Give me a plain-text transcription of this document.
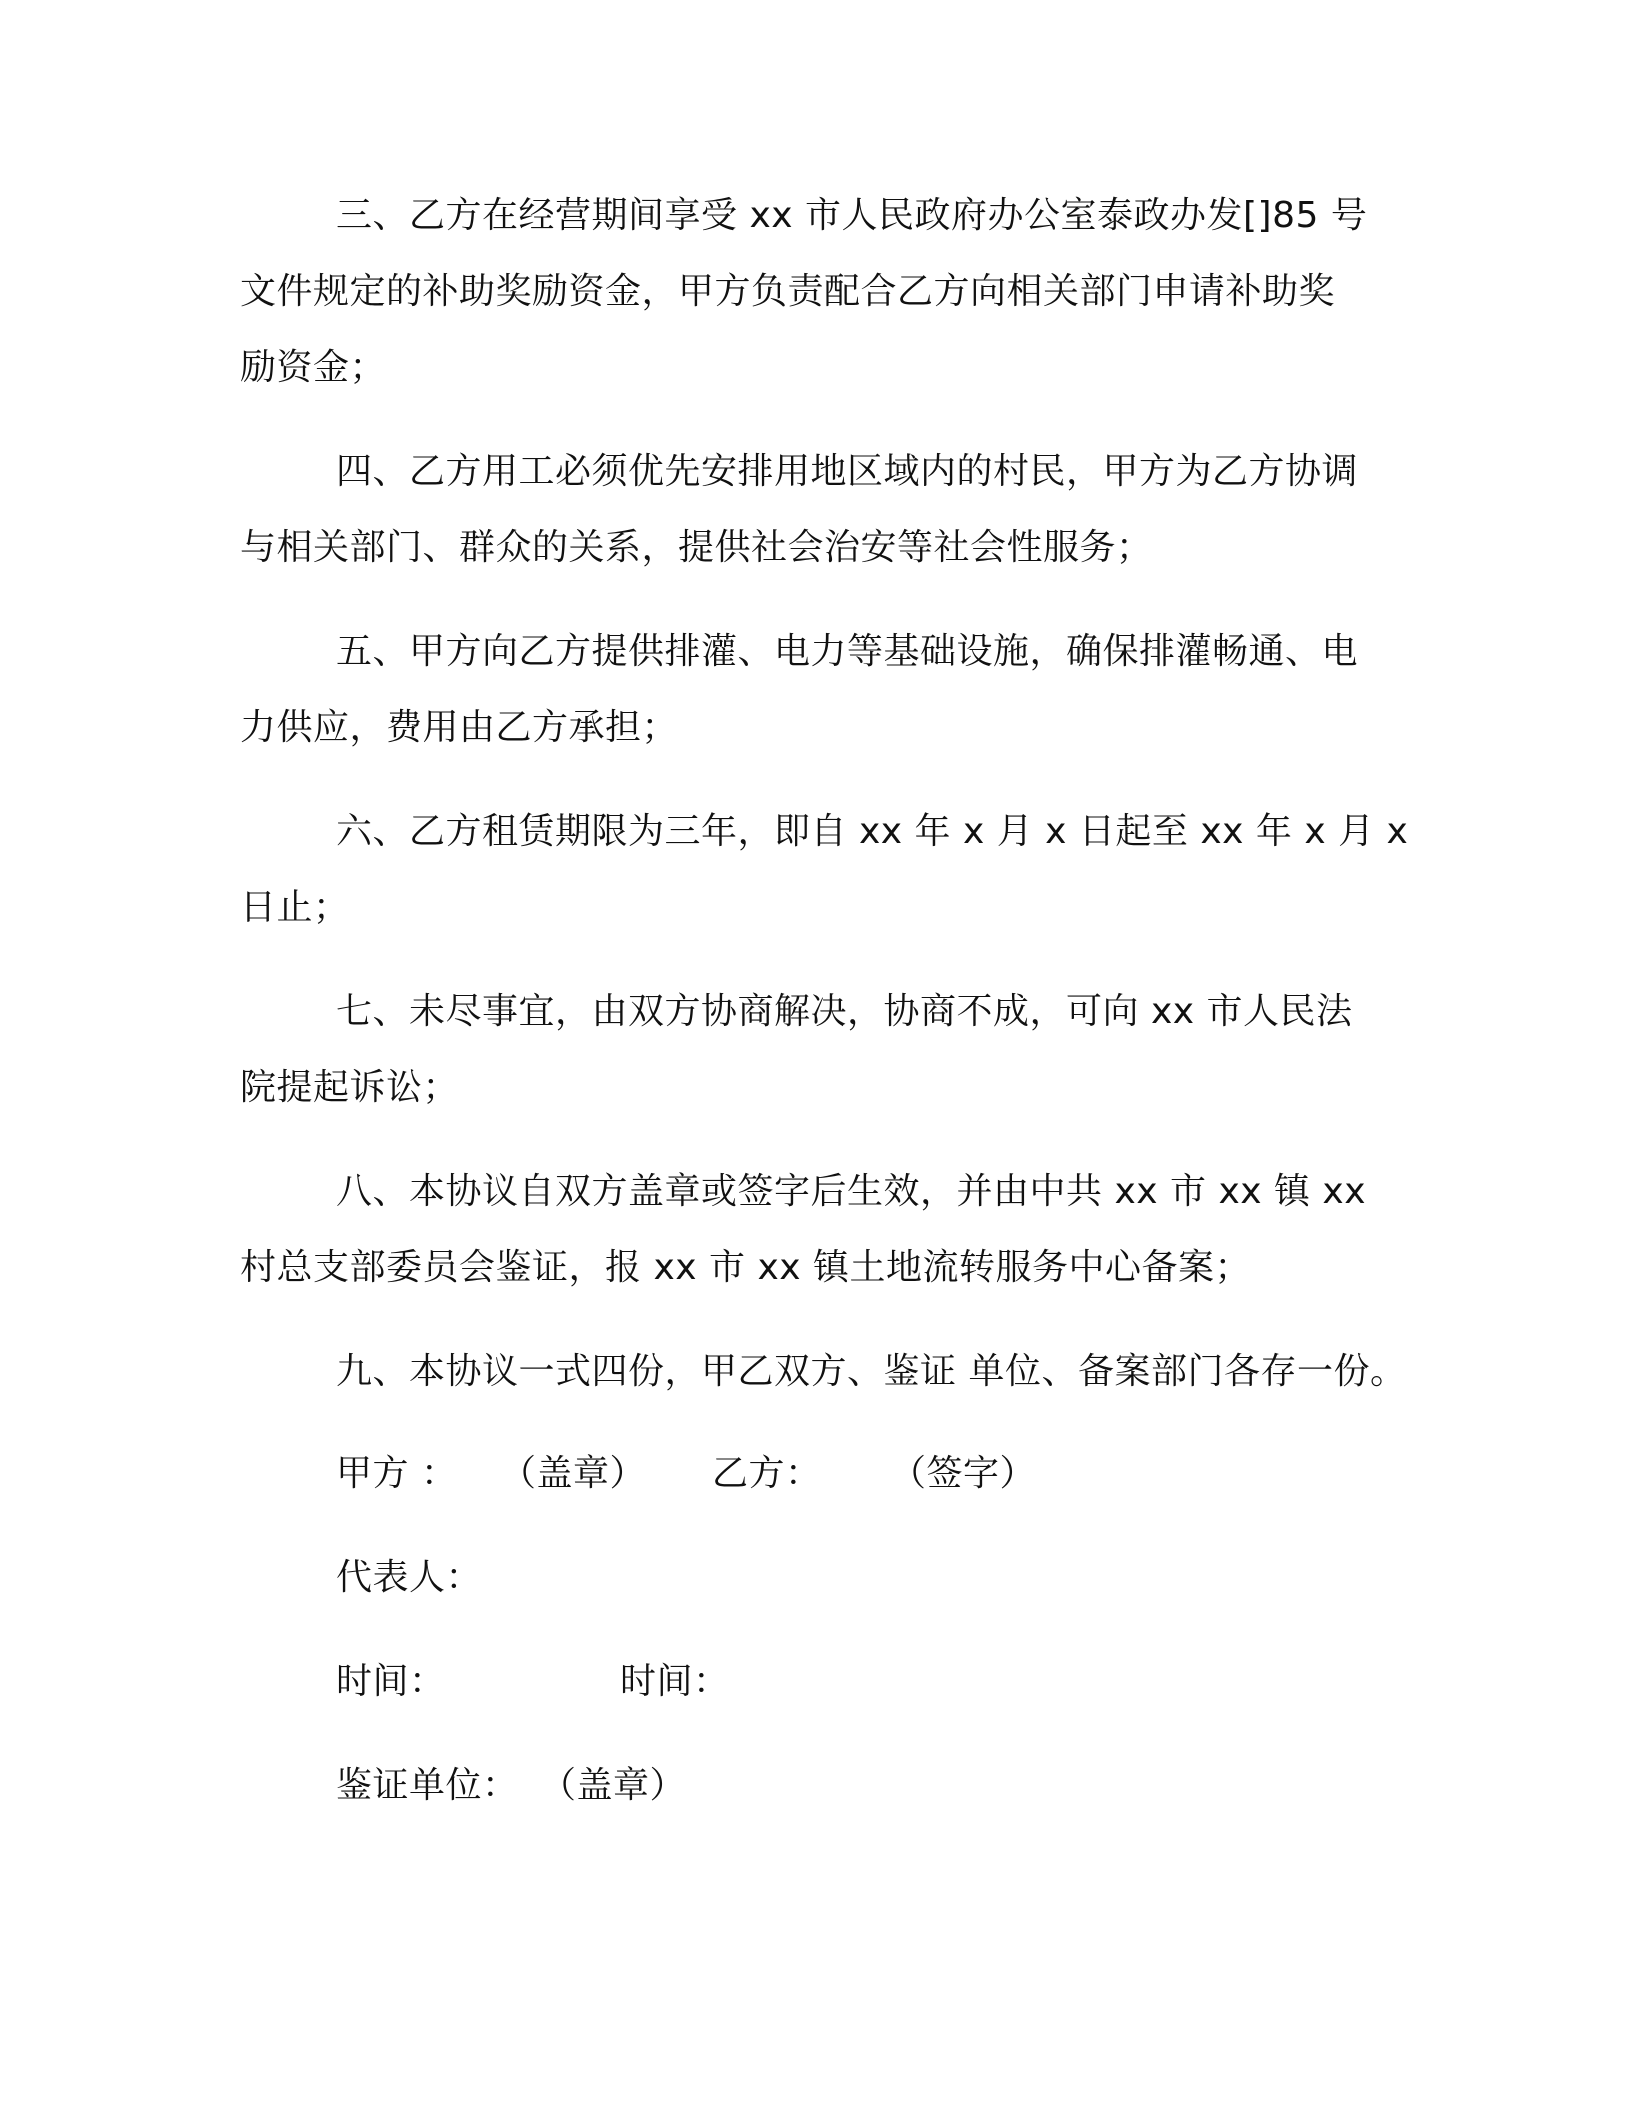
三、乙方在经营期间享受 xx 市人民政府办公室泰政办发[]85 号
文件规定的补助奖励资金，甲方负责配合乙方向相关部门申请补助奖
励资金；
四、乙方用工必须优先安排用地区域内的村民，甲方为乙方协调
与相关部门、群众的关系，提供社会治安等社会性服务；
五、甲方向乙方提供排灌、电力等基础设施，确保排灌畅通、电
力供应，费用由乙方承担；
六、乙方租赁期限为三年，即自 xx 年 x 月 x 日起至 xx 年 x 月 x
日止；
七、未尽事宜，由双方协商解决，协商不成，可向 xx 市人民法
院提起诉讼；
八、本协议自双方盖章或签字后生效，并由中共 xx 市 xx 镇 xx
村总支部委员会鉴证，报 xx 市 xx 镇土地流转服务中心备案；
九、本协议一式四份，甲乙双方、鉴证 单位、备案部门各存一份。
甲方 ： （盖章） 乙方： （签字）
代表人：
时间：	时间：
鉴证单位： （盖章）
